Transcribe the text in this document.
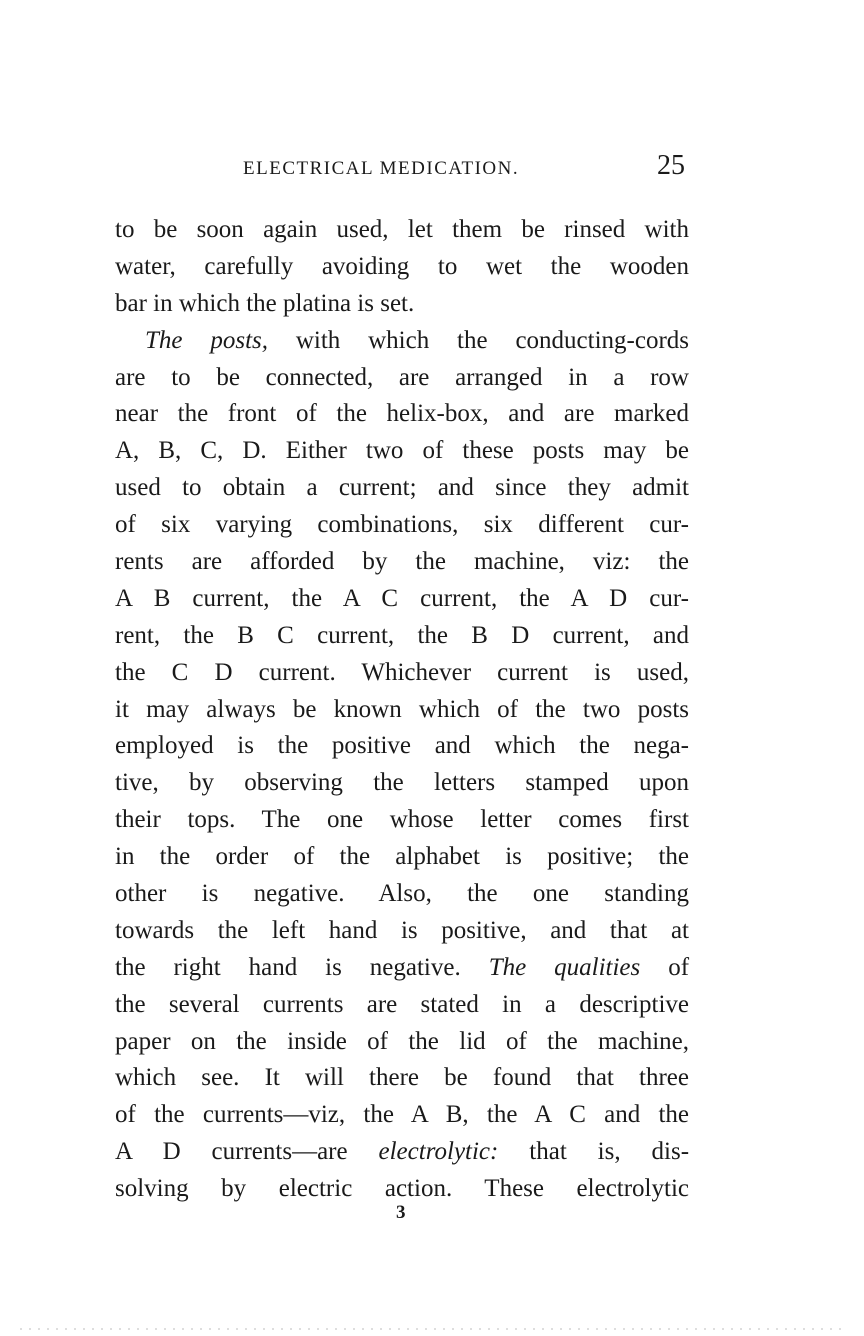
ELECTRICAL MEDICATION.	25
to be soon again used, let them be rinsed with
water, carefully avoiding to wet the wooden
bar in which the platina is set.
The posts, with which the conducting-cords
are to be connected, are arranged in a row
near the front of the helix-box, and are marked
A, B, C, D. Either two of these posts may be
used to obtain a current; and since they admit
of six varying combinations, six different cur-
rents are afforded by the machine, viz: the
A B current, the A C current, the A D cur-
rent, the B C current, the B D current, and
the C D current. Whichever current is used,
it may always be known which of the two posts
employed is the positive and which the nega-
tive, by observing the letters stamped upon
their tops. The one whose letter comes first
in the order of the alphabet is positive; the
other is negative. Also, the one standing
towards the left hand is positive, and that at
the right hand is negative. The qualities of
the several currents are stated in a descriptive
paper on the inside of the lid of the machine,
which see. It will there be found that three
of the currents—viz, the A B, the A C and the
A D currents—are electrolytic: that is, dis-
solving by electric action. These electrolytic
3
